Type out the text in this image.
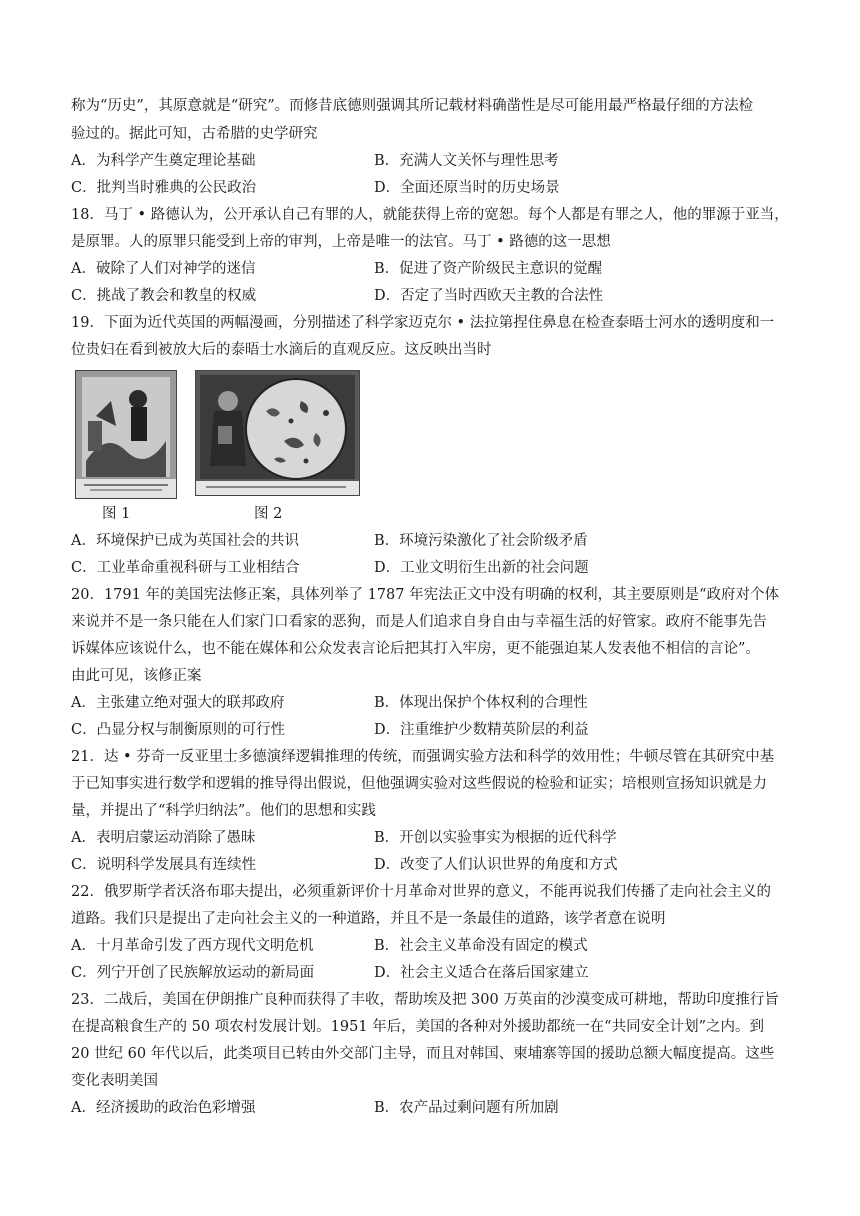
称为“历史”，其原意就是“研究”。而修昔底德则强调其所记载材料确凿性是尽可能用最严格最仔细的方法检
验过的。据此可知，古希腊的史学研究
A．为科学产生奠定理论基础	B．充满人文关怀与理性思考
C．批判当时雅典的公民政治	D．全面还原当时的历史场景
18．马丁 • 路德认为，公开承认自己有罪的人，就能获得上帝的宽恕。每个人都是有罪之人，他的罪源于亚当，
是原罪。人的原罪只能受到上帝的审判，上帝是唯一的法官。马丁 • 路德的这一思想
A．破除了人们对神学的迷信	B．促进了资产阶级民主意识的觉醒
C．挑战了教会和教皇的权威	D．否定了当时西欧天主教的合法性
19．下面为近代英国的两幅漫画，分别描述了科学家迈克尔 • 法拉第捏住鼻息在检查泰晤士河水的透明度和一
位贵妇在看到被放大后的泰晤士水滴后的直观反应。这反映出当时
图 1	图 2
A．环境保护已成为英国社会的共识	B．环境污染激化了社会阶级矛盾
C．工业革命重视科研与工业相结合	D．工业文明衍生出新的社会问题
20．1791 年的美国宪法修正案，具体列举了 1787 年宪法正文中没有明确的权利，其主要原则是“政府对个体
来说并不是一条只能在人们家门口看家的恶狗，而是人们追求自身自由与幸福生活的好管家。政府不能事先告
诉媒体应该说什么，也不能在媒体和公众发表言论后把其打入牢房，更不能强迫某人发表他不相信的言论”。
由此可见，该修正案
A．主张建立绝对强大的联邦政府	B．体现出保护个体权利的合理性
C．凸显分权与制衡原则的可行性	D．注重维护少数精英阶层的利益
21．达 • 芬奇一反亚里士多德演绎逻辑推理的传统，而强调实验方法和科学的效用性；牛顿尽管在其研究中基
于已知事实进行数学和逻辑的推导得出假说，但他强调实验对这些假说的检验和证实；培根则宣扬知识就是力
量，并提出了“科学归纳法”。他们的思想和实践
A．表明启蒙运动消除了愚昧	B．开创以实验事实为根据的近代科学
C．说明科学发展具有连续性	D．改变了人们认识世界的角度和方式
22．俄罗斯学者沃洛布耶夫提出，必须重新评价十月革命对世界的意义，不能再说我们传播了走向社会主义的
道路。我们只是提出了走向社会主义的一种道路，并且不是一条最佳的道路，该学者意在说明
A．十月革命引发了西方现代文明危机	B．社会主义革命没有固定的模式
C．列宁开创了民族解放运动的新局面	D．社会主义适合在落后国家建立
23．二战后，美国在伊朗推广良种而获得了丰收，帮助埃及把 300 万英亩的沙漠变成可耕地，帮助印度推行旨
在提高粮食生产的 50 项农村发展计划。1951 年后，美国的各种对外援助都统一在“共同安全计划”之内。到
20 世纪 60 年代以后，此类项目已转由外交部门主导，而且对韩国、柬埔寨等国的援助总额大幅度提高。这些
变化表明美国
A．经济援助的政治色彩增强	B．农产品过剩问题有所加剧
